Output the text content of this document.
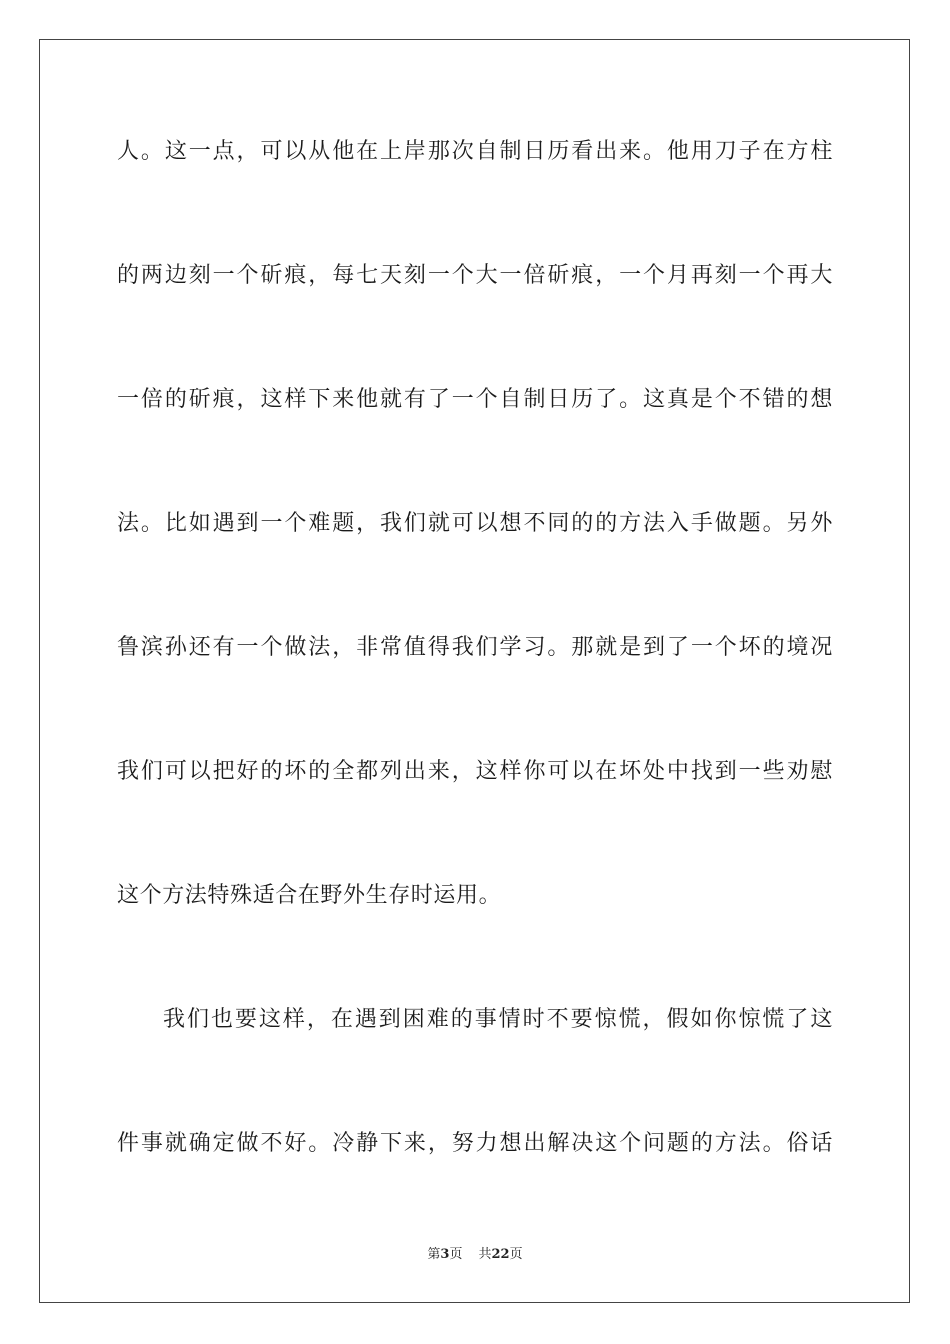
人。这一点，可以从他在上岸那次自制日历看出来。他用刀子在方柱
的两边刻一个斫痕，每七天刻一个大一倍斫痕，一个月再刻一个再大
一倍的斫痕，这样下来他就有了一个自制日历了。这真是个不错的想
法。比如遇到一个难题，我们就可以想不同的的方法入手做题。另外
鲁滨孙还有一个做法，非常值得我们学习。那就是到了一个坏的境况
我们可以把好的坏的全都列出来，这样你可以在坏处中找到一些劝慰
这个方法特殊适合在野外生存时运用。
我们也要这样，在遇到困难的事情时不要惊慌，假如你惊慌了这
件事就确定做不好。冷静下来，努力想出解决这个问题的方法。俗话
第3页 共22页
